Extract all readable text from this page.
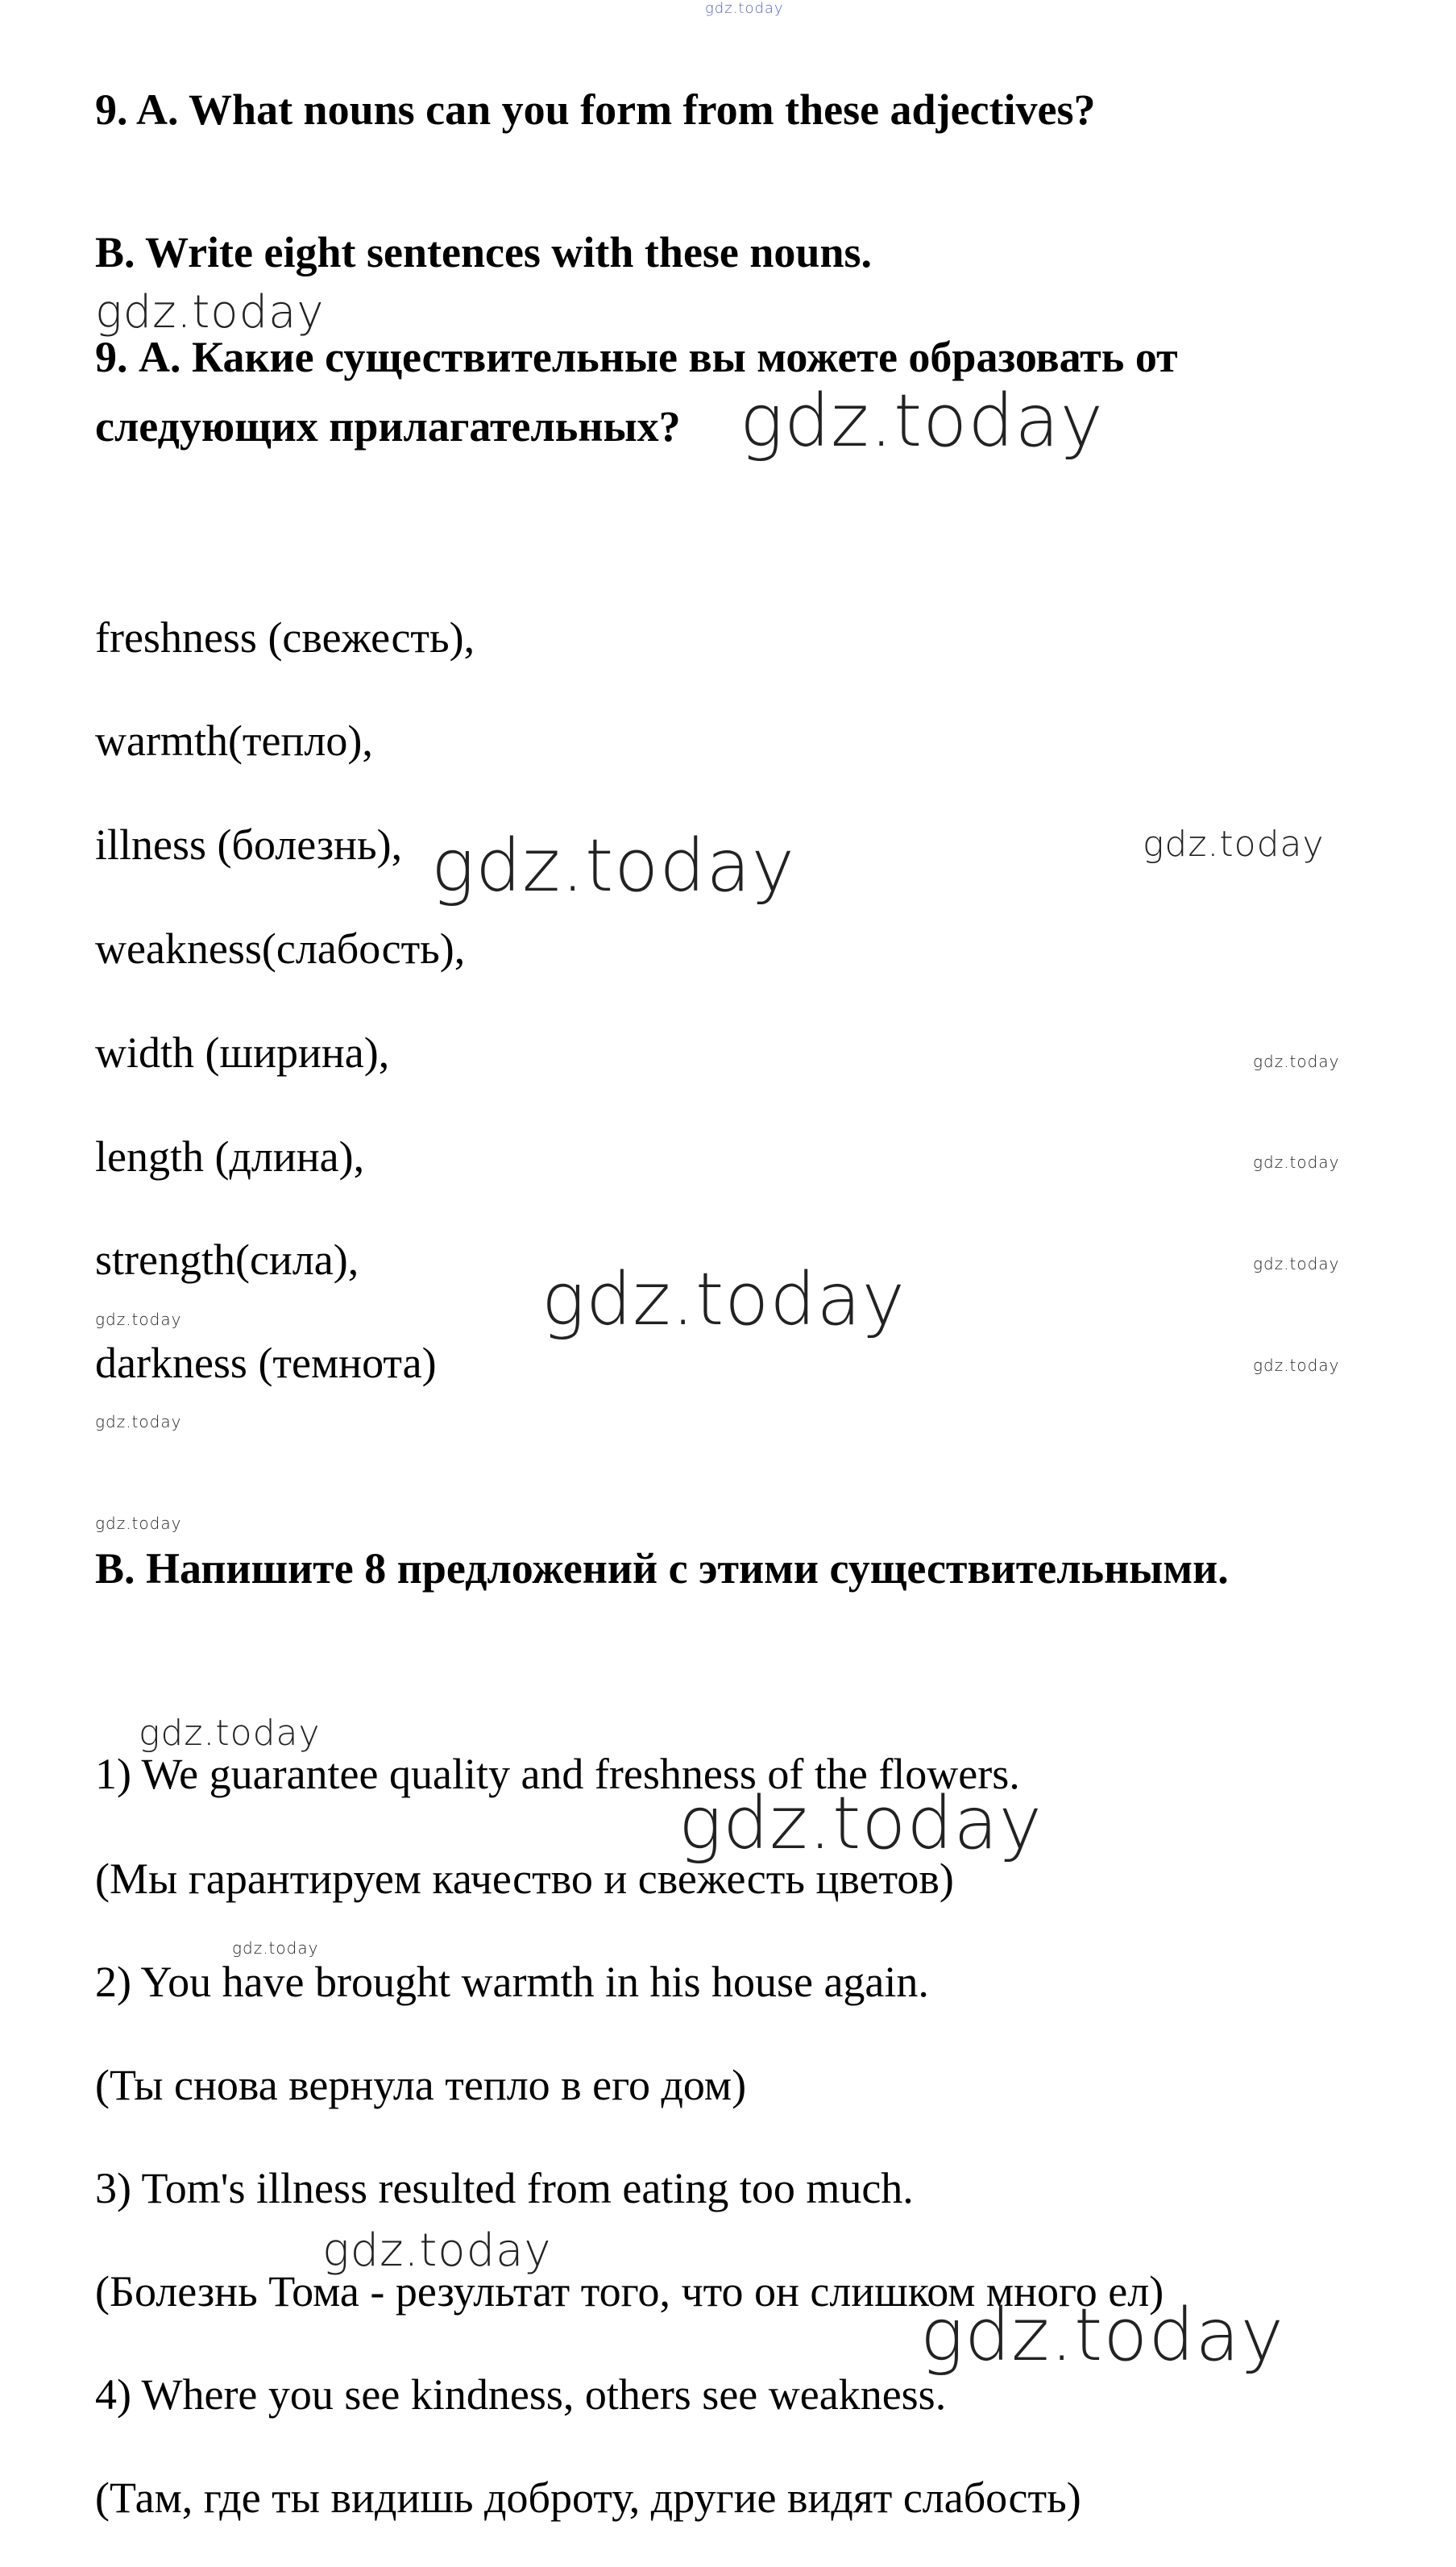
9. A. What nouns can you form from these adjectives?
B. Write eight sentences with these nouns.
9. А. Какие существительные вы можете образовать от
следующих прилагательных?
freshness (свежесть),
warmth(тепло),
illness (болезнь),
weakness(слабость),
width (ширина),
length (длина),
strength(сила),
darkness (темнота)
В. Напишите 8 предложений с этими существительными.
1) We guarantee quality and freshness of the flowers.
(Мы гарантируем качество и свежесть цветов)
2) You have brought warmth in his house again.
(Ты снова вернула тепло в его дом)
3) Tom's illness resulted from eating too much.
(Болезнь Тома - результат того, что он слишком много ел)
4) Where you see kindness, others see weakness.
(Там, где ты видишь доброту, другие видят слабость)
gdz.today
gdz.today
gdz.today
gdz.today	gdz.today
gdz.today
gdz.today
gdz.today
gdz.today
gdz.today
gdz.today
gdz.today
gdz.today
gdz.today
gdz.today
gdz.today
gdz.today
gdz.today
